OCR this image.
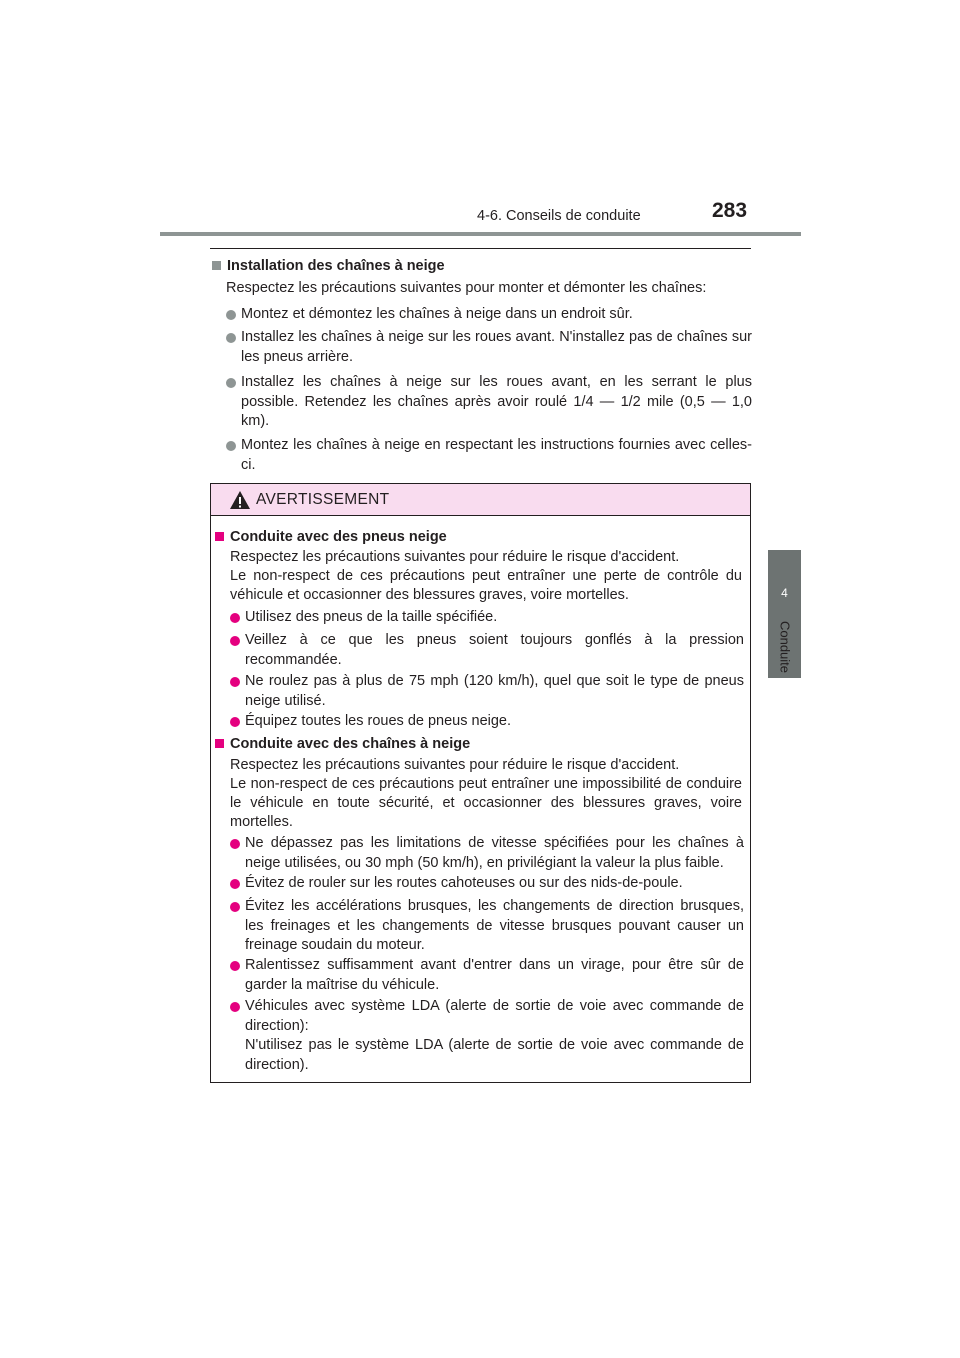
4-6. Conseils de conduite	283
4
Conduite
Installation des chaînes à neige
Respectez les précautions suivantes pour monter et démonter les chaînes:
Montez et démontez les chaînes à neige dans un endroit sûr.
Installez les chaînes à neige sur les roues avant. N'installez pas de chaînes sur les pneus arrière.
Installez les chaînes à neige sur les roues avant, en les serrant le plus possible. Retendez les chaînes après avoir roulé 1/4 — 1/2 mile (0,5 — 1,0 km).
Montez les chaînes à neige en respectant les instructions fournies avec celles-ci.
AVERTISSEMENT
Conduite avec des pneus neige
Respectez les précautions suivantes pour réduire le risque d'accident.
Le non-respect de ces précautions peut entraîner une perte de contrôle du véhicule et occasionner des blessures graves, voire mortelles.
Utilisez des pneus de la taille spécifiée.
Veillez à ce que les pneus soient toujours gonflés à la pression recommandée.
Ne roulez pas à plus de 75 mph (120 km/h), quel que soit le type de pneus neige utilisé.
Équipez toutes les roues de pneus neige.
Conduite avec des chaînes à neige
Respectez les précautions suivantes pour réduire le risque d'accident.
Le non-respect de ces précautions peut entraîner une impossibilité de conduire le véhicule en toute sécurité, et occasionner des blessures graves, voire mortelles.
Ne dépassez pas les limitations de vitesse spécifiées pour les chaînes à neige utilisées, ou 30 mph (50 km/h), en privilégiant la valeur la plus faible.
Évitez de rouler sur les routes cahoteuses ou sur des nids-de-poule.
Évitez les accélérations brusques, les changements de direction brusques, les freinages et les changements de vitesse brusques pouvant causer un freinage soudain du moteur.
Ralentissez suffisamment avant d'entrer dans un virage, pour être sûr de garder la maîtrise du véhicule.
Véhicules avec système LDA (alerte de sortie de voie avec commande de direction):
N'utilisez pas le système LDA (alerte de sortie de voie avec commande de direction).
